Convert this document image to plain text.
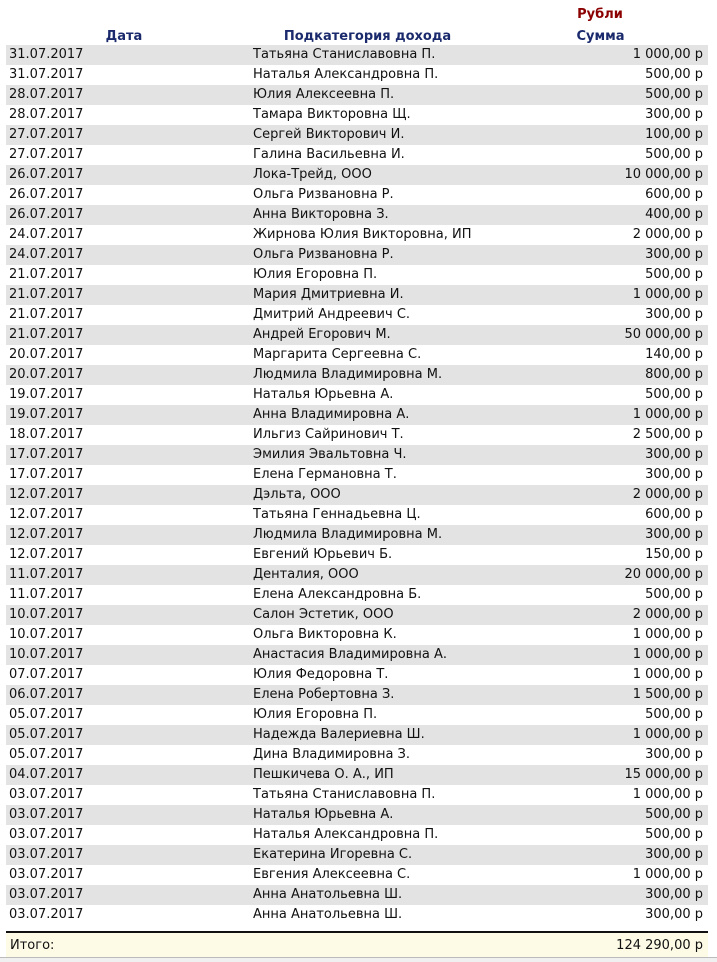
Рубли
Дата	Подкатегория дохода	Сумма
31.07.2017	Татьяна Станиславовна П.	1 000,00 р
31.07.2017	Наталья Александровна П.	500,00 р
28.07.2017	Юлия Алексеевна П.	500,00 р
28.07.2017	Тамара Викторовна Щ.	300,00 р
27.07.2017	Сергей Викторович И.	100,00 р
27.07.2017	Галина Васильевна И.	500,00 р
26.07.2017	Лока-Трейд, ООО	10 000,00 р
26.07.2017	Ольга Ризвановна Р.	600,00 р
26.07.2017	Анна Викторовна З.	400,00 р
24.07.2017	Жирнова Юлия Викторовна, ИП	2 000,00 р
24.07.2017	Ольга Ризвановна Р.	300,00 р
21.07.2017	Юлия Егоровна П.	500,00 р
21.07.2017	Мария Дмитриевна И.	1 000,00 р
21.07.2017	Дмитрий Андреевич С.	300,00 р
21.07.2017	Андрей Егорович М.	50 000,00 р
20.07.2017	Маргарита Сергеевна С.	140,00 р
20.07.2017	Людмила Владимировна М.	800,00 р
19.07.2017	Наталья Юрьевна А.	500,00 р
19.07.2017	Анна Владимировна А.	1 000,00 р
18.07.2017	Ильгиз Сайринович Т.	2 500,00 р
17.07.2017	Эмилия Эвальтовна Ч.	300,00 р
17.07.2017	Елена Германовна Т.	300,00 р
12.07.2017	Дэльта, ООО	2 000,00 р
12.07.2017	Татьяна Геннадьевна Ц.	600,00 р
12.07.2017	Людмила Владимировна М.	300,00 р
12.07.2017	Евгений Юрьевич Б.	150,00 р
11.07.2017	Денталия, ООО	20 000,00 р
11.07.2017	Елена Александровна Б.	500,00 р
10.07.2017	Салон Эстетик, ООО	2 000,00 р
10.07.2017	Ольга Викторовна К.	1 000,00 р
10.07.2017	Анастасия Владимировна А.	1 000,00 р
07.07.2017	Юлия Федоровна Т.	1 000,00 р
06.07.2017	Елена Робертовна З.	1 500,00 р
05.07.2017	Юлия Егоровна П.	500,00 р
05.07.2017	Надежда Валериевна Ш.	1 000,00 р
05.07.2017	Дина Владимировна З.	300,00 р
04.07.2017	Пешкичева О. А., ИП	15 000,00 р
03.07.2017	Татьяна Станиславовна П.	1 000,00 р
03.07.2017	Наталья Юрьевна А.	500,00 р
03.07.2017	Наталья Александровна П.	500,00 р
03.07.2017	Екатерина Игоревна С.	300,00 р
03.07.2017	Евгения Алексеевна С.	1 000,00 р
03.07.2017	Анна Анатольевна Ш.	300,00 р
03.07.2017	Анна Анатольевна Ш.	300,00 р
Итого:	124 290,00 р
